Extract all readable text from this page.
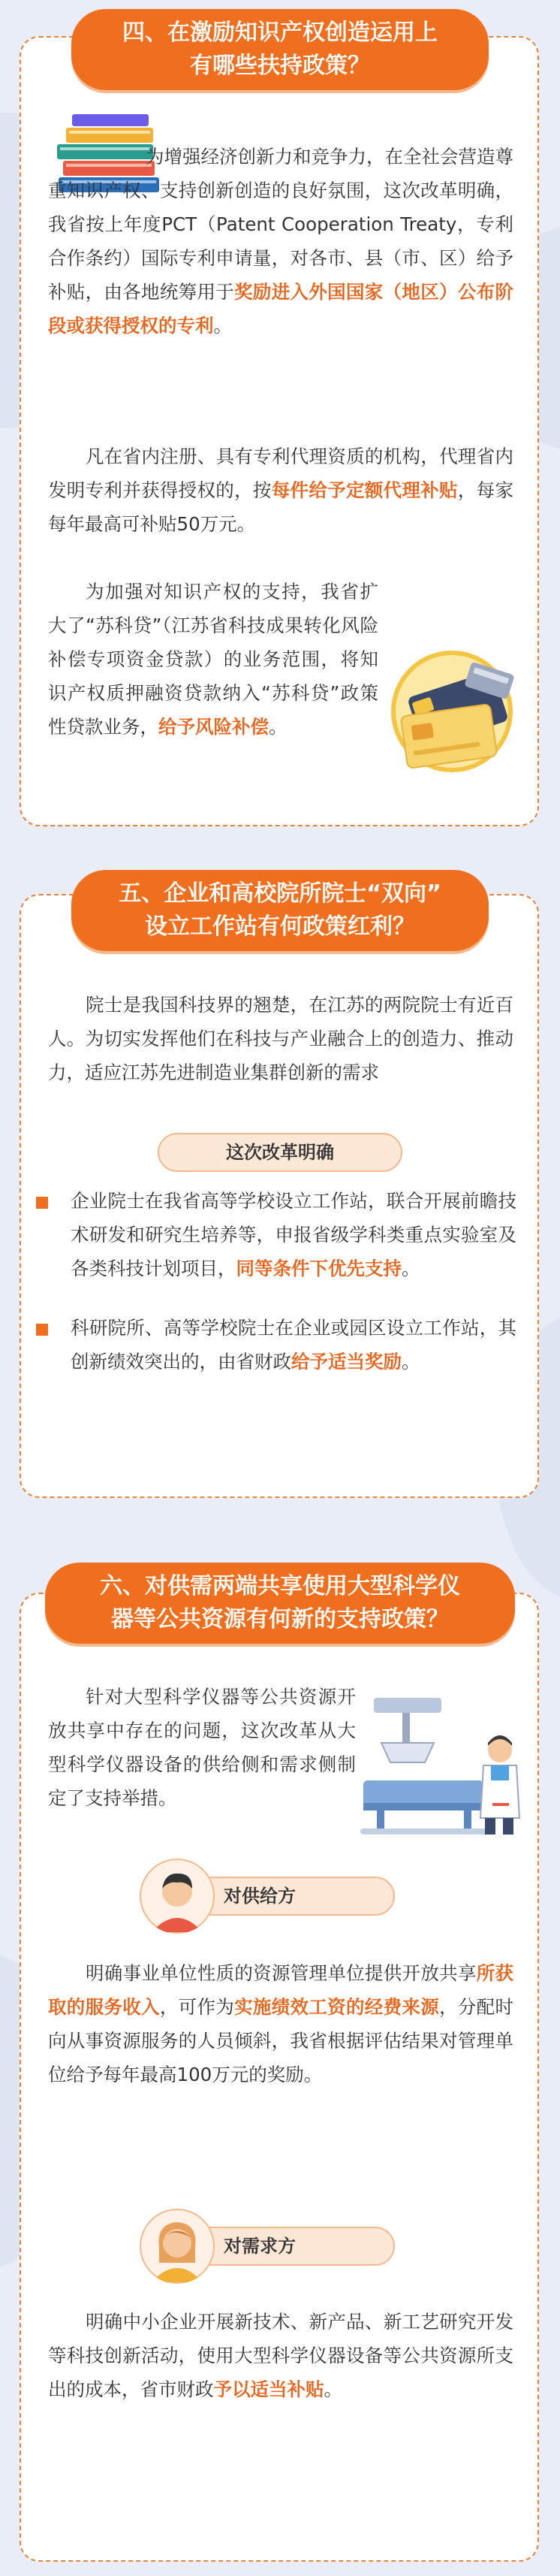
四、在激励知识产权创造运用上
有哪些扶持政策？

为增强经济创新力和竞争力，在全社会营造尊重知识产权、支持创新创造的良好氛围，这次改革明确，我省按上年度PCT（Patent Cooperation Treaty，专利合作条约）国际专利申请量，对各市、县（市、区）给予补贴，由各地统筹用于奖励进入外国国家（地区）公布阶段或获得授权的专利。

凡在省内注册、具有专利代理资质的机构，代理省内发明专利并获得授权的，按每件给予定额代理补贴，每家每年最高可补贴50万元。

为加强对知识产权的支持，我省扩大了“苏科贷”（江苏省科技成果转化风险补偿专项资金贷款）的业务范围，将知识产权质押融资贷款纳入“苏科贷”政策性贷款业务，给予风险补偿。

五、企业和高校院所院士“双向”
设立工作站有何政策红利？

院士是我国科技界的翘楚，在江苏的两院院士有近百人。为切实发挥他们在科技与产业融合上的创造力、推动力，适应江苏先进制造业集群创新的需求

这次改革明确

企业院士在我省高等学校设立工作站，联合开展前瞻技术研发和研究生培养等，申报省级学科类重点实验室及各类科技计划项目，同等条件下优先支持。

科研院所、高等学校院士在企业或园区设立工作站，其创新绩效突出的，由省财政给予适当奖励。

六、对供需两端共享使用大型科学仪
器等公共资源有何新的支持政策？

针对大型科学仪器等公共资源开放共享中存在的问题，这次改革从大型科学仪器设备的供给侧和需求侧制定了支持举措。

对供给方

明确事业单位性质的资源管理单位提供开放共享所获取的服务收入，可作为实施绩效工资的经费来源，分配时向从事资源服务的人员倾斜，我省根据评估结果对管理单位给予每年最高100万元的奖励。

对需求方

明确中小企业开展新技术、新产品、新工艺研究开发等科技创新活动，使用大型科学仪器设备等公共资源所支出的成本，省市财政予以适当补贴。
